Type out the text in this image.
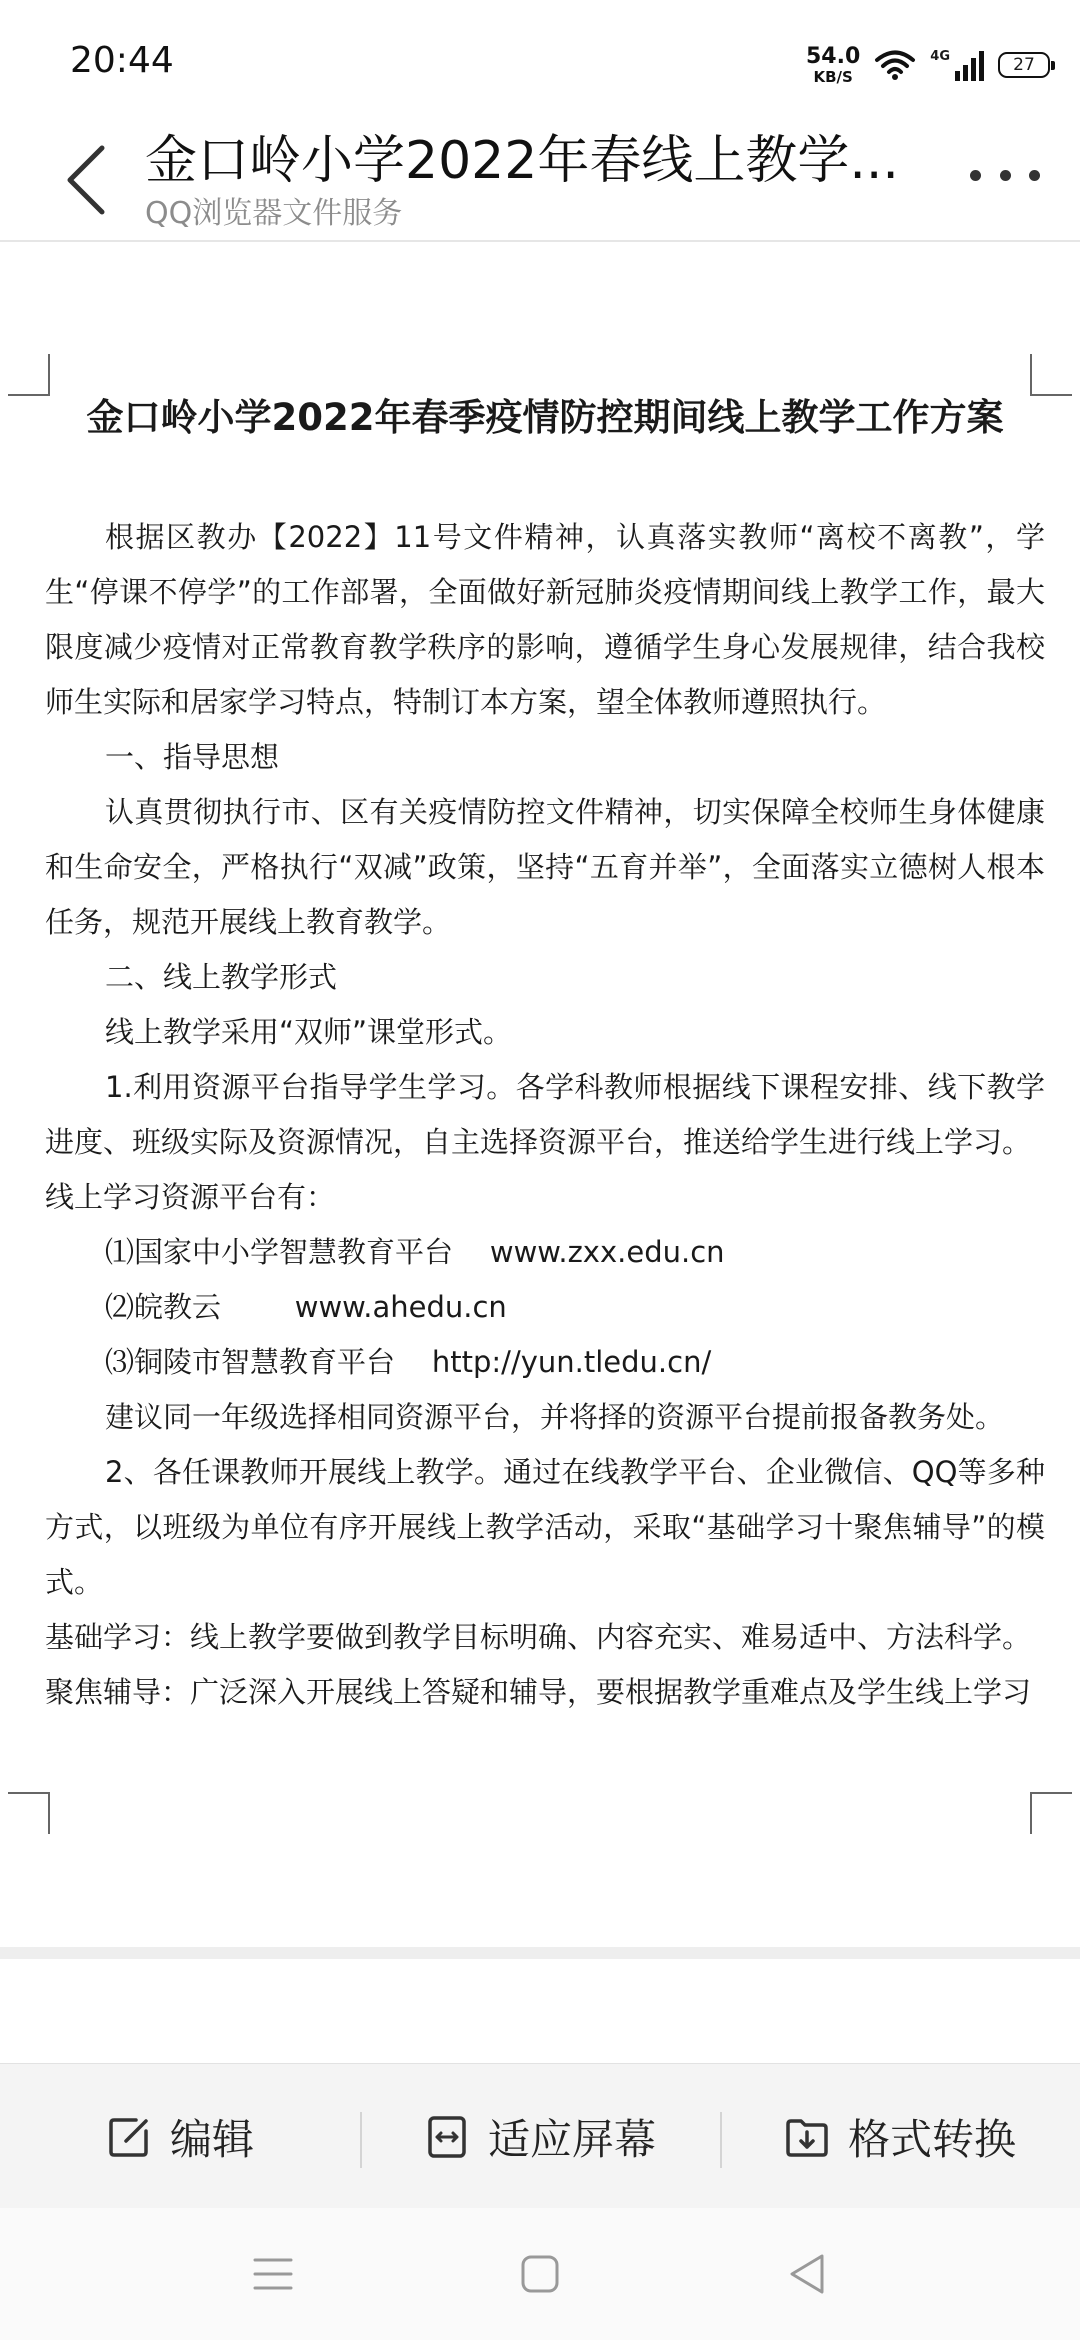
20:44	54.0
KB/S
4G	27
金口岭小学2022年春线上教学...
QQ浏览器文件服务
金口岭小学2022年春季疫情防控期间线上教学工作方案

根据区教办【2022】11号文件精神，认真落实教师“离校不离教”，学生“停课不停学”的工作部署，全面做好新冠肺炎疫情期间线上教学工作，最大限度减少疫情对正常教育教学秩序的影响，遵循学生身心发展规律，结合我校师生实际和居家学习特点，特制订本方案，望全体教师遵照执行。

一、指导思想

认真贯彻执行市、区有关疫情防控文件精神，切实保障全校师生身体健康和生命安全，严格执行“双减”政策，坚持“五育并举”，全面落实立德树人根本任务，规范开展线上教育教学。

二、线上教学形式

线上教学采用“双师”课堂形式。

1.利用资源平台指导学生学习。各学科教师根据线下课程安排、线下教学进度、班级实际及资源情况，自主选择资源平台，推送给学生进行线上学习。

线上学习资源平台有：

⑴国家中小学智慧教育平台    www.zxx.edu.cn

⑵皖教云        www.ahedu.cn

⑶铜陵市智慧教育平台    http://yun.tledu.cn/

建议同一年级选择相同资源平台，并将择的资源平台提前报备教务处。

2、各任课教师开展线上教学。通过在线教学平台、企业微信、QQ等多种方式，以班级为单位有序开展线上教学活动，采取“基础学习十聚焦辅导”的模式。

基础学习：线上教学要做到教学目标明确、内容充实、难易适中、方法科学。

聚焦辅导：广泛深入开展线上答疑和辅导，要根据教学重难点及学生线上学习

编辑	适应屏幕	格式转换
